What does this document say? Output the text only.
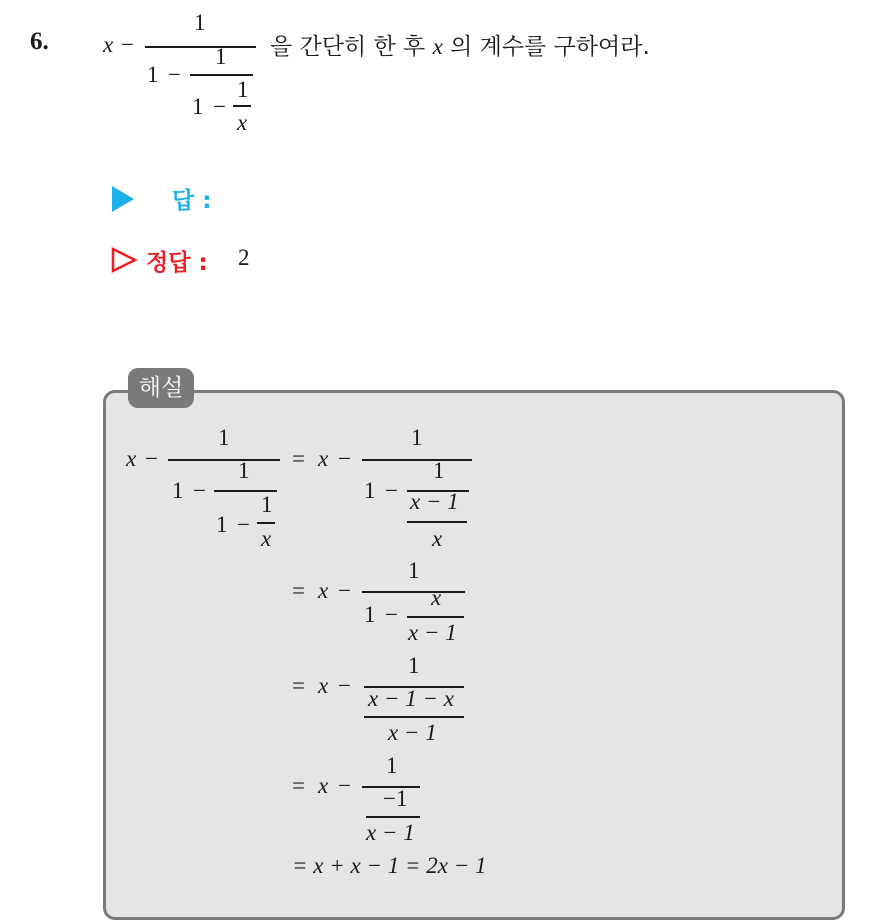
6. x −
1
1 −
1
1 −
1
x
을 간단히 한 후 x 의 계수를 구하여라.
답 :
정답 : 2
해설
x −
1
1 −
1
1 −
1
x
= x −
1
1 −
1
x − 1
x
= x −
1
1 −
x
x − 1
= x −
1
x − 1 − x
x − 1
= x −
1
−1
x − 1
= x + x − 1 = 2x − 1
